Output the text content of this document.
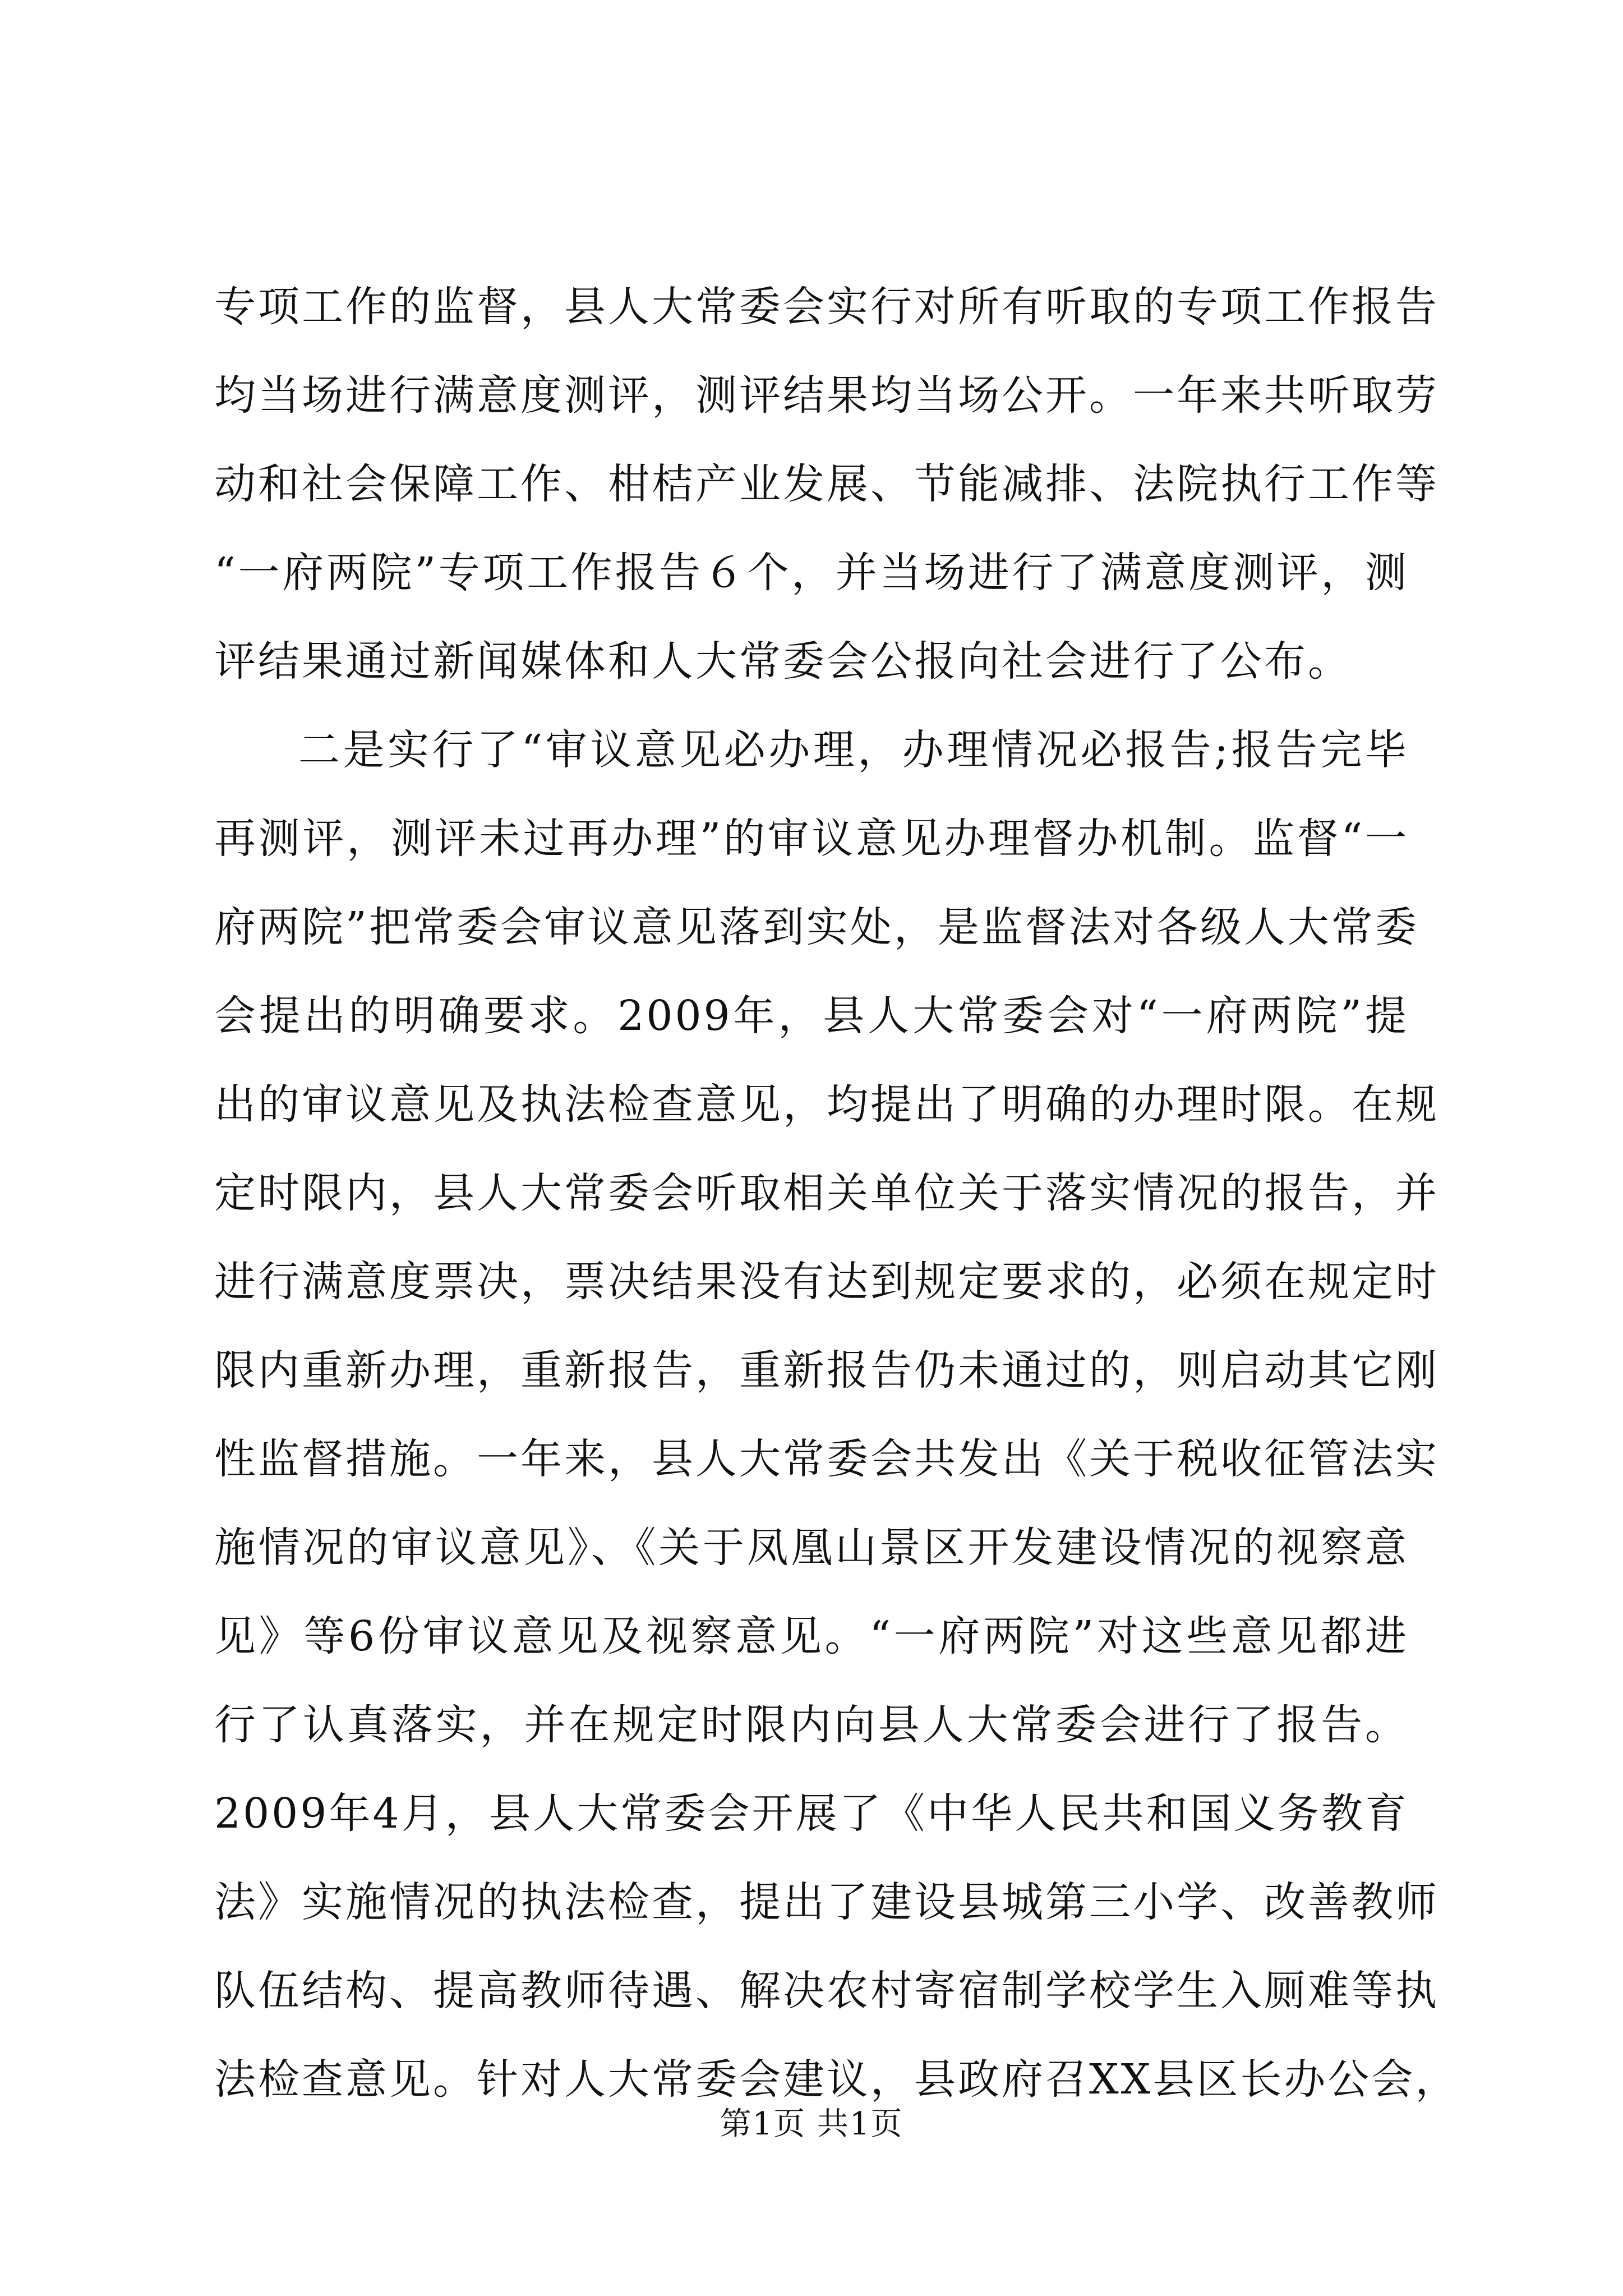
专项工作的监督，县人大常委会实行对所有听取的专项工作报告
均当场进行满意度测评，测评结果均当场公开。一年来共听取劳
动和社会保障工作、柑桔产业发展、节能减排、法院执行工作等
“一府两院”专项工作报告６个，并当场进行了满意度测评，测
评结果通过新闻媒体和人大常委会公报向社会进行了公布。
二是实行了“审议意见必办理，办理情况必报告;报告完毕
再测评，测评未过再办理”的审议意见办理督办机制。监督“一
府两院”把常委会审议意见落到实处，是监督法对各级人大常委
会提出的明确要求。2009年，县人大常委会对“一府两院”提
出的审议意见及执法检查意见，均提出了明确的办理时限。在规
定时限内，县人大常委会听取相关单位关于落实情况的报告，并
进行满意度票决，票决结果没有达到规定要求的，必须在规定时
限内重新办理，重新报告，重新报告仍未通过的，则启动其它刚
性监督措施。一年来，县人大常委会共发出《关于税收征管法实
施情况的审议意见》、《关于凤凰山景区开发建设情况的视察意
见》等6份审议意见及视察意见。“一府两院”对这些意见都进
行了认真落实，并在规定时限内向县人大常委会进行了报告。
2009年4月，县人大常委会开展了《中华人民共和国义务教育
法》实施情况的执法检查，提出了建设县城第三小学、改善教师
队伍结构、提高教师待遇、解决农村寄宿制学校学生入厕难等执
法检查意见。针对人大常委会建议，县政府召XX县区长办公会，
第1页 共1页
